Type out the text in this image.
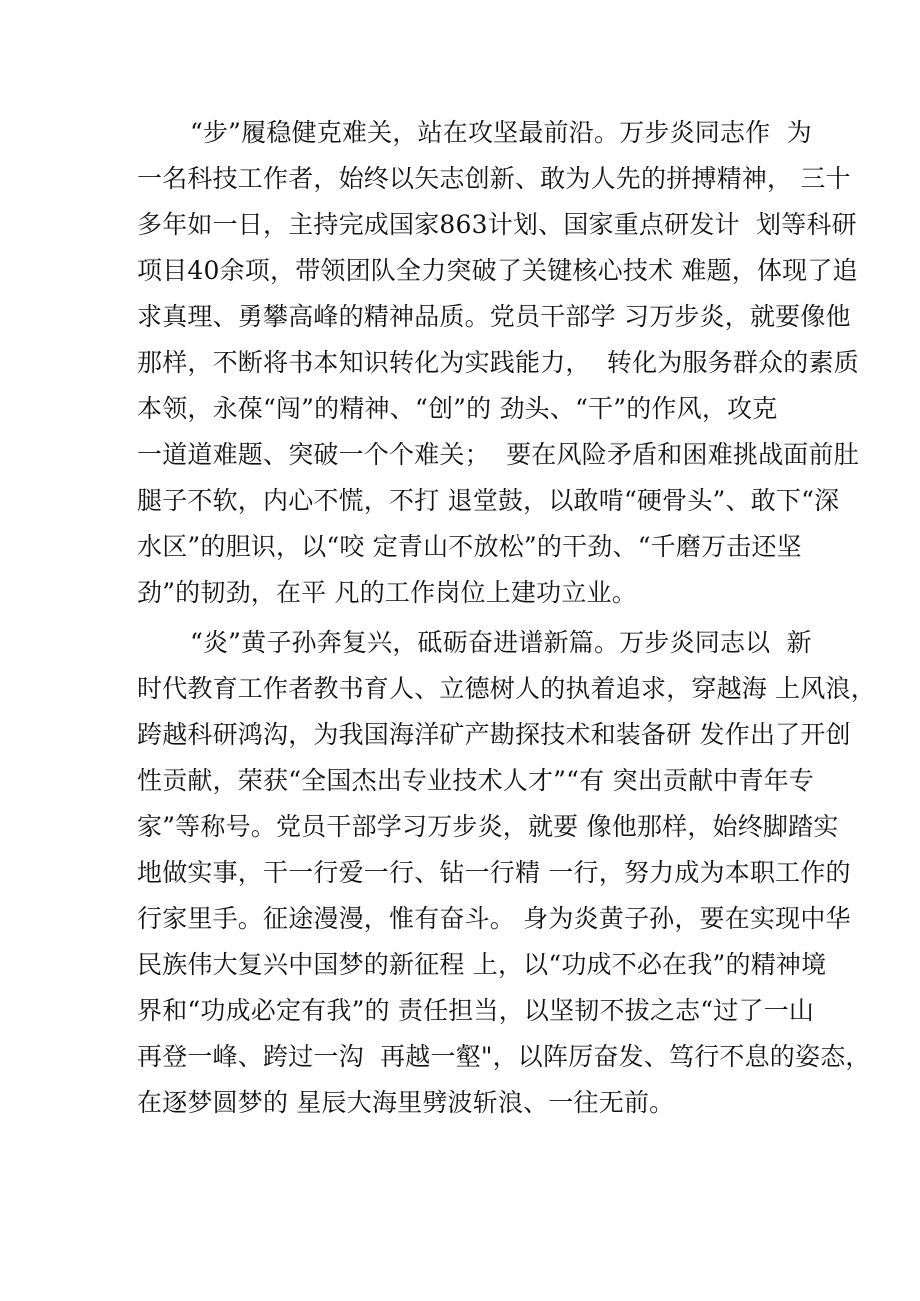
“步”履稳健克难关，站在攻坚最前沿。万步炎同志作  为
一名科技工作者，始终以矢志创新、敢为人先的拼搏精神， 三十
多年如一日，主持完成国家863计划、国家重点研发计  划等科研
项目40余项，带领团队全力突破了关键核心技术 难题，体现了追
求真理、勇攀高峰的精神品质。党员干部学 习万步炎，就要像他
那样，不断将书本知识转化为实践能力，  转化为服务群众的素质
本领，永葆“闯”的精神、“创”的 劲头、“干”的作风，攻克
一道道难题、突破一个个难关；  要在风险矛盾和困难挑战面前肚
腿子不软，内心不慌，不打 退堂鼓，以敢啃“硬骨头”、敢下“深
水区”的胆识，以“咬 定青山不放松”的干劲、“千磨万击还坚
劲”的韧劲，在平 凡的工作岗位上建功立业。
“炎”黄子孙奔复兴，砥砺奋进谱新篇。万步炎同志以  新
时代教育工作者教书育人、立德树人的执着追求，穿越海 上风浪，
跨越科研鸿沟，为我国海洋矿产勘探技术和装备研 发作出了开创
性贡献，荣获“全国杰出专业技术人才”“有 突出贡献中青年专
家”等称号。党员干部学习万步炎，就要 像他那样，始终脚踏实
地做实事，干一行爱一行、钻一行精 一行，努力成为本职工作的
行家里手。征途漫漫，惟有奋斗。 身为炎黄子孙，要在实现中华
民族伟大复兴中国梦的新征程 上，以“功成不必在我”的精神境
界和“功成必定有我”的 责任担当，以坚韧不拔之志“过了一山
再登一峰、跨过一沟  再越一壑"，以阵厉奋发、笃行不息的姿态，
在逐梦圆梦的 星辰大海里劈波斩浪、一往无前。
